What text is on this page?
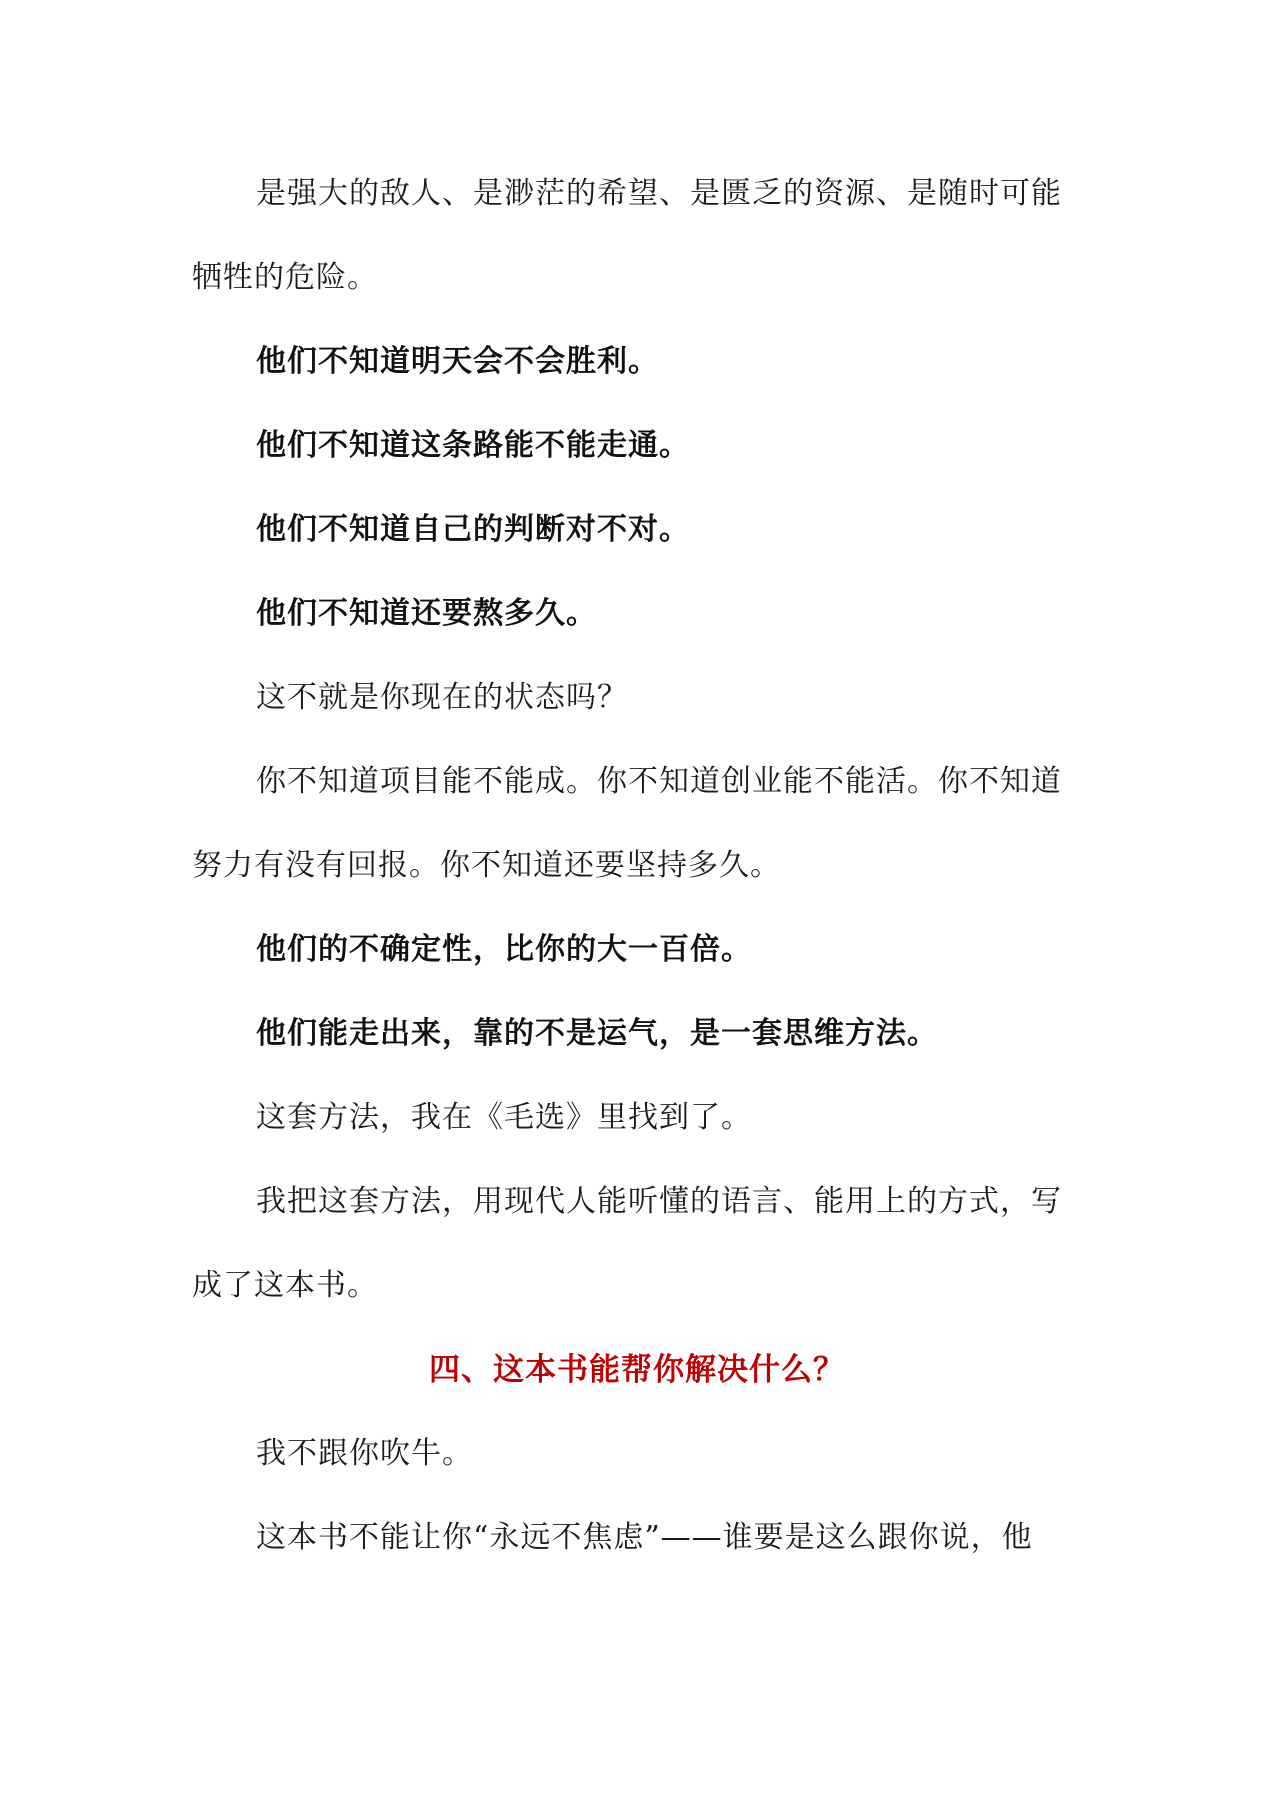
是强大的敌人、是渺茫的希望、是匮乏的资源、是随时可能

牺牲的危险。

他们不知道明天会不会胜利。

他们不知道这条路能不能走通。

他们不知道自己的判断对不对。

他们不知道还要熬多久。

这不就是你现在的状态吗？

你不知道项目能不能成。你不知道创业能不能活。你不知道

努力有没有回报。你不知道还要坚持多久。

他们的不确定性，比你的大一百倍。

他们能走出来，靠的不是运气，是一套思维方法。

这套方法，我在《毛选》里找到了。

我把这套方法，用现代人能听懂的语言、能用上的方式，写

成了这本书。

四、这本书能帮你解决什么？

我不跟你吹牛。

这本书不能让你“永远不焦虑”——谁要是这么跟你说，他
